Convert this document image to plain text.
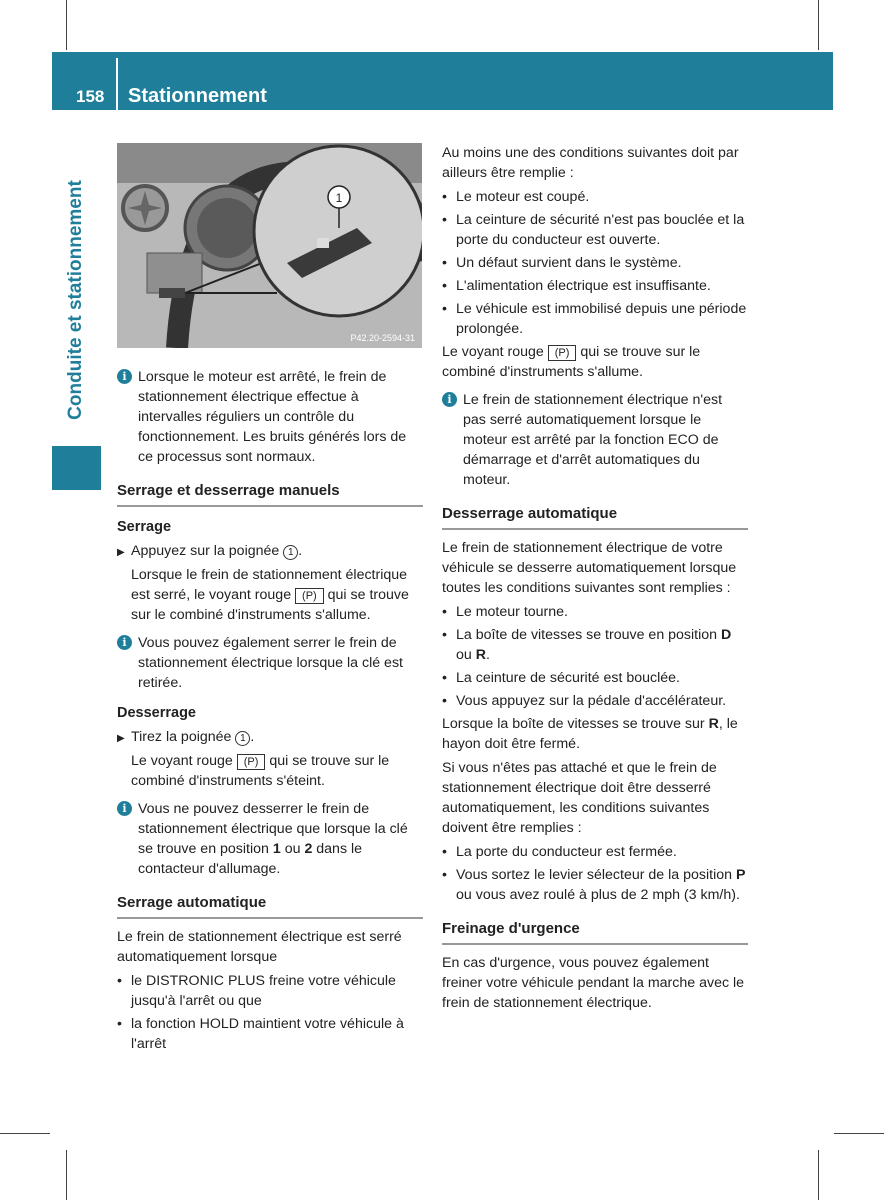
158 Stationnement
Conduite et stationnement	1
P42.20-2594-31
i Lorsque le moteur est arrêté, le frein de stationnement électrique effectue à intervalles réguliers un contrôle du fonctionnement. Les bruits générés lors de ce processus sont normaux.
Serrage et desserrage manuels
Serrage
▶ Appuyez sur la poignée 1 .

Lorsque le frein de stationnement électrique est serré, le voyant rouge (P) qui se trouve sur le combiné d'instruments s'allume.

i Vous pouvez également serrer le frein de stationnement électrique lorsque la clé est retirée.
Desserrage
▶ Tirez la poignée 1 .

Le voyant rouge (P) qui se trouve sur le combiné d'instruments s'éteint.

i Vous ne pouvez desserrer le frein de stationnement électrique que lorsque la clé se trouve en position 1 ou 2 dans le contacteur d'allumage.
Serrage automatique

Le frein de stationnement électrique est serré automatiquement lorsque

• le DISTRONIC PLUS freine votre véhicule jusqu'à l'arrêt ou que
• la fonction HOLD maintient votre véhicule à l'arrêt

Au moins une des conditions suivantes doit par ailleurs être remplie :

• Le moteur est coupé.
• La ceinture de sécurité n'est pas bouclée et la porte du conducteur est ouverte.
• Un défaut survient dans le système.
• L'alimentation électrique est insuffisante.
• Le véhicule est immobilisé depuis une période prolongée.

Le voyant rouge (P) qui se trouve sur le combiné d'instruments s'allume.

i Le frein de stationnement électrique n'est pas serré automatiquement lorsque le moteur est arrêté par la fonction ECO de démarrage et d'arrêt automatiques du moteur.
Desserrage automatique

Le frein de stationnement électrique de votre véhicule se desserre automatiquement lorsque toutes les conditions suivantes sont remplies :

• Le moteur tourne.
• La boîte de vitesses se trouve en position D ou R.
• La ceinture de sécurité est bouclée.
• Vous appuyez sur la pédale d'accélérateur.

Lorsque la boîte de vitesses se trouve sur R, le hayon doit être fermé.

Si vous n'êtes pas attaché et que le frein de stationnement électrique doit être desserré automatiquement, les conditions suivantes doivent être remplies :

• La porte du conducteur est fermée.
• Vous sortez le levier sélecteur de la position P ou vous avez roulé à plus de 2 mph (3 km/h).
Freinage d'urgence

En cas d'urgence, vous pouvez également freiner votre véhicule pendant la marche avec le frein de stationnement électrique.
